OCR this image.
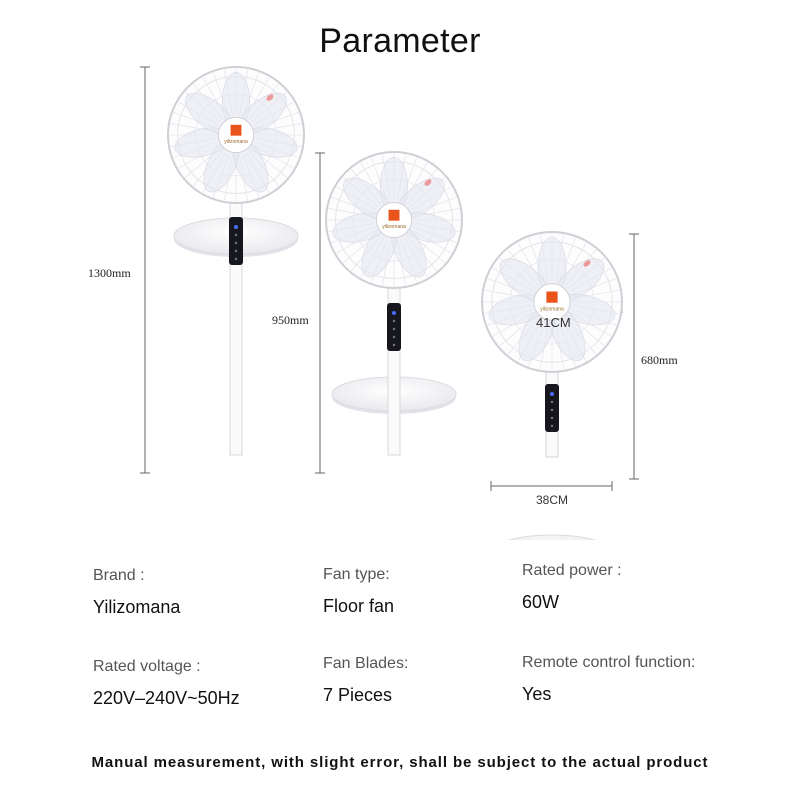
Parameter
yilizomana
yilizomana
yilizomana
1300mm
950mm
680mm
41CM
38CM
Brand :
Yilizomana
Fan type:
Floor fan
Rated power :
60W
Rated voltage :
220V–240V~50Hz
Fan Blades:
7 Pieces
Remote control function:
Yes
Manual measurement, with slight error, shall be subject to the actual product
